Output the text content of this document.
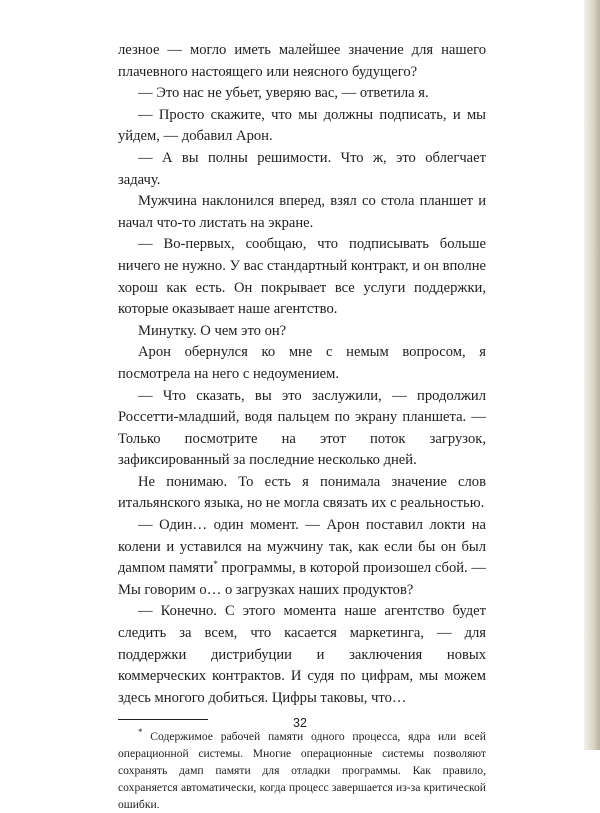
лезное — могло иметь малейшее значение для нашего плачевного настоящего или неясного будущего?

— Это нас не убьет, уверяю вас, — ответила я.

— Просто скажите, что мы должны подписать, и мы уйдем, — добавил Арон.

— А вы полны решимости. Что ж, это облегчает задачу.

Мужчина наклонился вперед, взял со стола планшет и начал что-то листать на экране.

— Во-первых, сообщаю, что подписывать больше ничего не нужно. У вас стандартный контракт, и он вполне хорош как есть. Он покрывает все услуги поддержки, которые оказывает наше агентство.

Минутку. О чем это он?

Арон обернулся ко мне с немым вопросом, я посмотрела на него с недоумением.

— Что сказать, вы это заслужили, — продолжил Россетти-младший, водя пальцем по экрану планшета. — Только посмотрите на этот поток загрузок, зафиксированный за последние несколько дней.

Не понимаю. То есть я понимала значение слов итальянского языка, но не могла связать их с реальностью.

— Один… один момент. — Арон поставил локти на колени и уставился на мужчину так, как если бы он был дампом памяти* программы, в которой произошел сбой. — Мы говорим о… о загрузках наших продуктов?

— Конечно. С этого момента наше агентство будет следить за всем, что касается маркетинга, — для поддержки дистрибуции и заключения новых коммерческих контрактов. И судя по цифрам, мы можем здесь многого добиться. Цифры таковы, что…

* Содержимое рабочей памяти одного процесса, ядра или всей операционной системы. Многие операционные системы позволяют сохранять дамп памяти для отладки программы. Как правило, сохраняется автоматически, когда процесс завершается из-за критической ошибки.

32
